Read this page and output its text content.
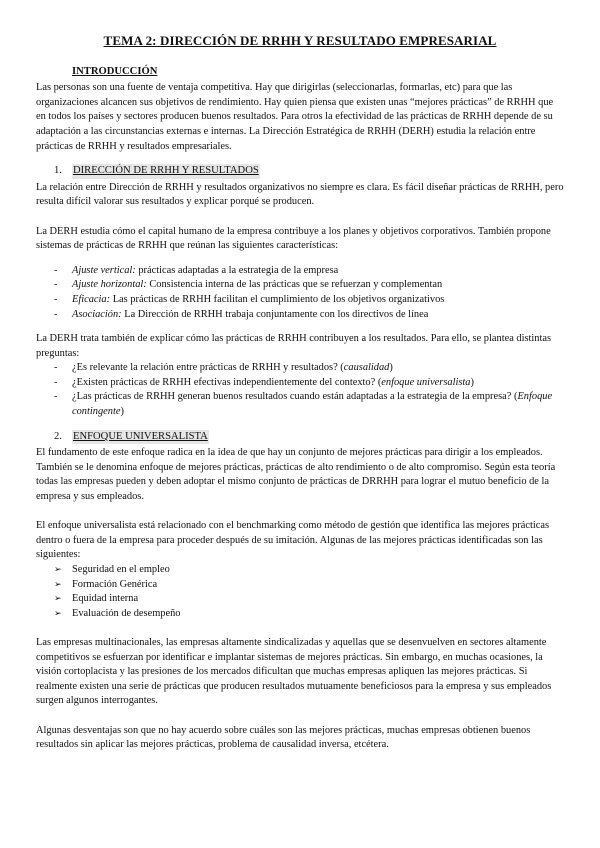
TEMA 2: DIRECCIÓN DE RRHH Y RESULTADO EMPRESARIAL
INTRODUCCIÓN

Las personas son una fuente de ventaja competitiva. Hay que dirigirlas (seleccionarlas, formarlas, etc) para que las organizaciones alcancen sus objetivos de rendimiento. Hay quien piensa que existen unas “mejores prácticas” de RRHH que en todos los países y sectores producen buenos resultados. Para otros la efectividad de las prácticas de RRHH depende de su adaptación a las circunstancias externas e internas. La Dirección Estratégica de RRHH (DERH) estudia la relación entre prácticas de RRHH y resultados empresariales.

1.	DIRECCIÓN DE RRHH Y RESULTADOS

La relación entre Dirección de RRHH y resultados organizativos no siempre es clara. Es fácil diseñar prácticas de RRHH, pero resulta difícil valorar sus resultados y explicar porqué se producen.

La DERH estudia cómo el capital humano de la empresa contribuye a los planes y objetivos corporativos. También propone sistemas de prácticas de RRHH que reúnan las siguientes características:

-	Ajuste vertical: prácticas adaptadas a la estrategia de la empresa
-	Ajuste horizontal: Consistencia interna de las prácticas que se refuerzan y complementan
-	Eficacia: Las prácticas de RRHH facilitan el cumplimiento de los objetivos organizativos
-	Asociación: La Dirección de RRHH trabaja conjuntamente con los directivos de línea

La DERH trata también de explicar cómo las prácticas de RRHH contribuyen a los resultados. Para ello, se plantea distintas preguntas:

-	¿Es relevante la relación entre prácticas de RRHH y resultados? (causalidad)
-	¿Existen prácticas de RRHH efectivas independientemente del contexto? (enfoque universalista)
-	¿Las prácticas de RRHH generan buenos resultados cuando están adaptadas a la estrategia de la empresa? (Enfoque contingente)
2.	ENFOQUE UNIVERSALISTA

El fundamento de este enfoque radica en la idea de que hay un conjunto de mejores prácticas para dirigir a los empleados. También se le denomina enfoque de mejores prácticas, prácticas de alto rendimiento o de alto compromiso. Según esta teoría todas las empresas pueden y deben adoptar el mismo conjunto de prácticas de DRRHH para lograr el mutuo beneficio de la empresa y sus empleados.

El enfoque universalista está relacionado con el benchmarking como método de gestión que identifica las mejores prácticas dentro o fuera de la empresa para proceder después de su imitación. Algunas de las mejores prácticas identificadas son las siguientes:

➢	Seguridad en el empleo
➢	Formación Genérica
➢	Equidad interna
➢	Evaluación de desempeño

Las empresas multinacionales, las empresas altamente sindicalizadas y aquellas que se desenvuelven en sectores altamente competitivos se esfuerzan por identificar e implantar sistemas de mejores prácticas. Sin embargo, en muchas ocasiones, la visión cortoplacista y las presiones de los mercados dificultan que muchas empresas apliquen las mejores prácticas. Si realmente existen una serie de prácticas que producen resultados mutuamente beneficiosos para la empresa y sus empleados surgen algunos interrogantes.

Algunas desventajas son que no hay acuerdo sobre cuáles son las mejores prácticas, muchas empresas obtienen buenos resultados sin aplicar las mejores prácticas, problema de causalidad inversa, etcétera.
